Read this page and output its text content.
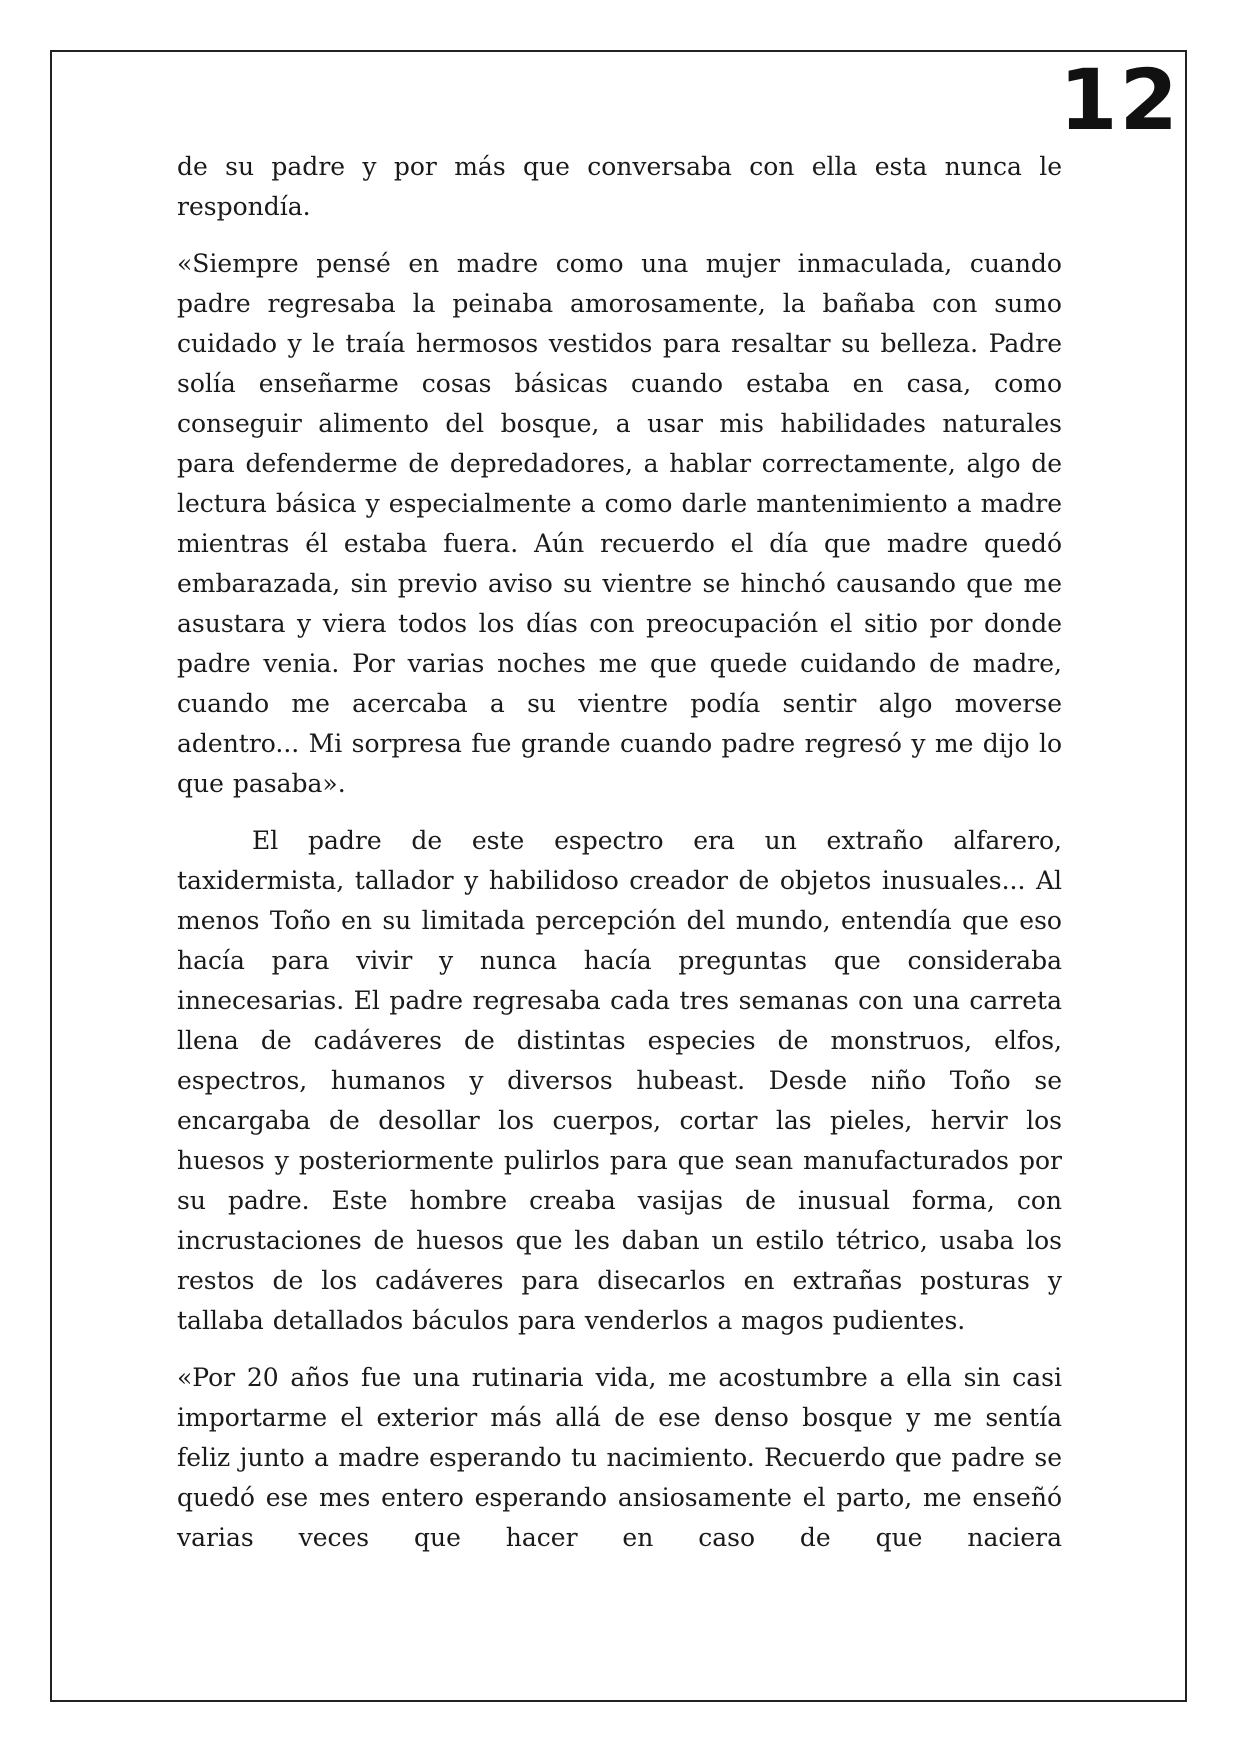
12

de su padre y por más que conversaba con ella esta nunca le respondía.

«Siempre pensé en madre como una mujer inmaculada, cuando padre regresaba la peinaba amorosamente, la bañaba con sumo cuidado y le traía hermosos vestidos para resaltar su belleza. Padre solía enseñarme cosas básicas cuando estaba en casa, como conseguir alimento del bosque, a usar mis habilidades naturales para defenderme de depredadores, a hablar correctamente, algo de lectura básica y especialmente a como darle mantenimiento a madre mientras él estaba fuera. Aún recuerdo el día que madre quedó embarazada, sin previo aviso su vientre se hinchó causando que me asustara y viera todos los días con preocupación el sitio por donde padre venia. Por varias noches me que quede cuidando de madre, cuando me acercaba a su vientre podía sentir algo moverse adentro... Mi sorpresa fue grande cuando padre regresó y me dijo lo que pasaba».

El padre de este espectro era un extraño alfarero, taxidermista, tallador y habilidoso creador de objetos inusuales... Al menos Toño en su limitada percepción del mundo, entendía que eso hacía para vivir y nunca hacía preguntas que consideraba innecesarias. El padre regresaba cada tres semanas con una carreta llena de cadáveres de distintas especies de monstruos, elfos, espectros, humanos y diversos hubeast. Desde niño Toño se encargaba de desollar los cuerpos, cortar las pieles, hervir los huesos y posteriormente pulirlos para que sean manufacturados por su padre. Este hombre creaba vasijas de inusual forma, con incrustaciones de huesos que les daban un estilo tétrico, usaba los restos de los cadáveres para disecarlos en extrañas posturas y tallaba detallados báculos para venderlos a magos pudientes.

«Por 20 años fue una rutinaria vida, me acostumbre a ella sin casi importarme el exterior más allá de ese denso bosque y me sentía feliz junto a madre esperando tu nacimiento. Recuerdo que padre se quedó ese mes entero esperando ansiosamente el parto, me enseñó varias veces que hacer en caso de que naciera
